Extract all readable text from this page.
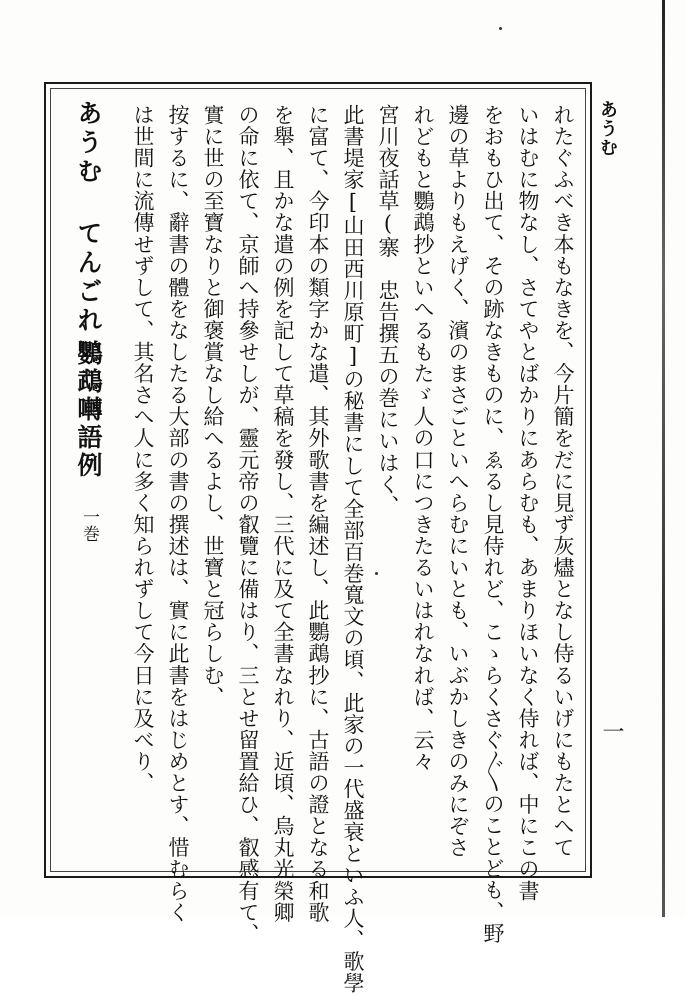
あうむ
一
れたぐふべき本もなきを、今片簡をだに見ず灰燼となし侍るいげにもたとへて
いはむに物なし、さてやとばかりにあらむも、あまりほいなく侍れば、中にこの書
をおもひ出て、その跡なきものに、ゑるし見侍れど、こゝらくさぐ〴〵のことども、野
邊の草よりもえげく、濱のまさごといへらむにいとも、いぶかしきのみにぞさ
れどもと鸚鵡抄といへるもたゞ人の口につきたるいはれなれば、云々
宮川夜話草(寨　忠告撰五の巻にいはく、
此書堤家[山田西川原町]の秘書にして全部百巻寬文の頃、此家の一代盛衰といふ人、歌學
に富て、今印本の類字かな遣、其外歌書を編述し、此鸚鵡抄に、古語の證となる和歌
を舉、且かな遣の例を記して草稿を發し、三代に及て全書なれり、近頃、烏丸光榮卿
の命に依て、京師へ持參せしが、靈元帝の叡覽に備はり、三とせ留置給ひ、叡感有て、
實に世の至寶なりと御褒賞なし給へるよし、世寶と冠らしむ、
按するに、辭書の體をなしたる大部の書の撰述は、實に此書をはじめとす、惜むらく
は世間に流傳せずして、其名さへ人に多く知られずして今日に及べり、
あうむ てんごれい
鸚鵡囀語例
一巻
